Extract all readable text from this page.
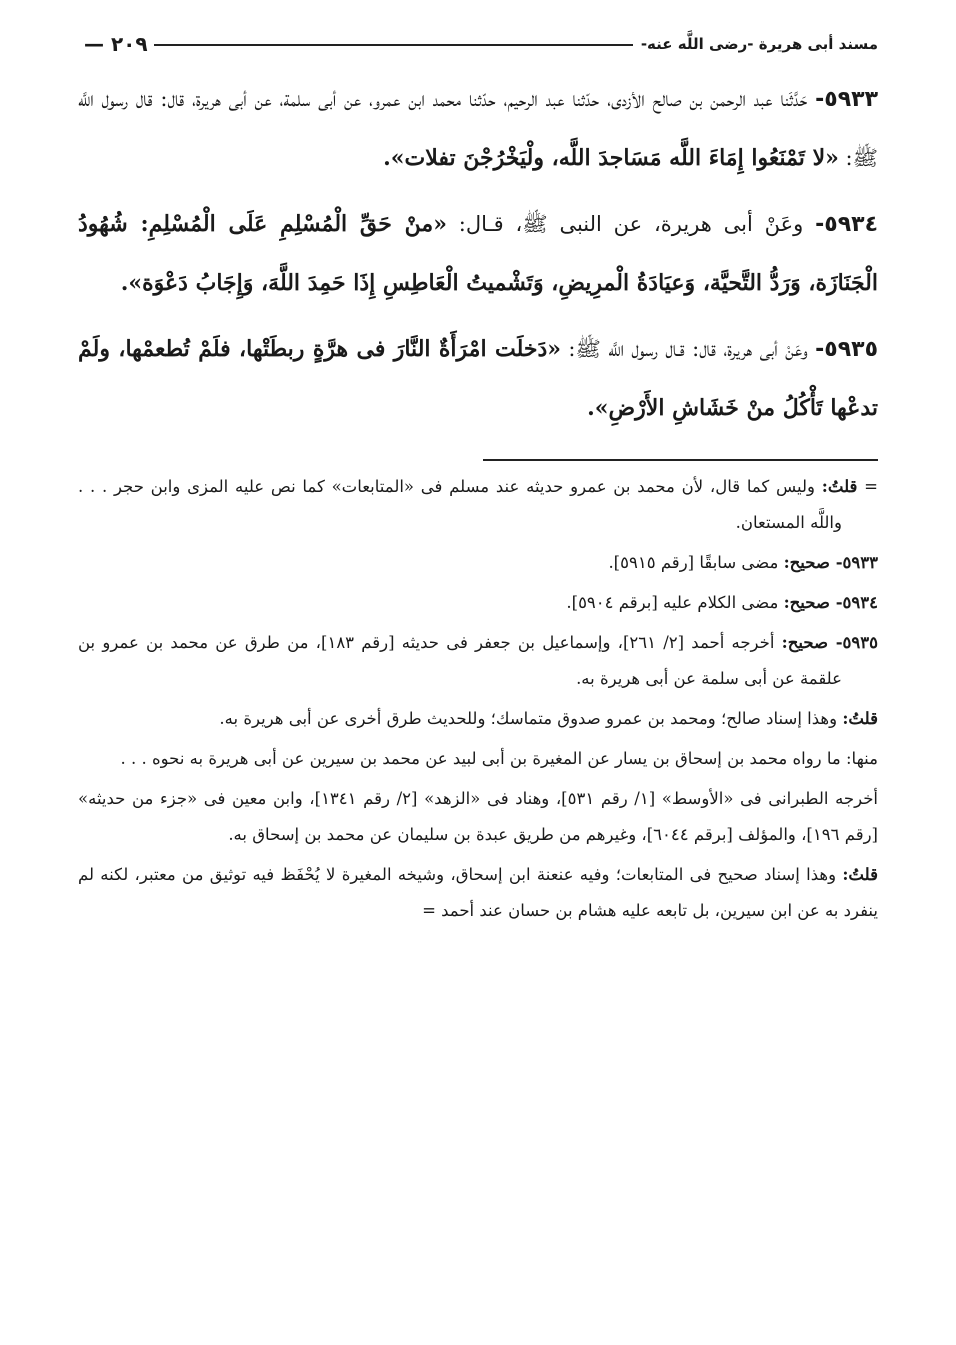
مسند أبى هريرة -رضى اللَّه عنه-
٢٠٩ —
٥٩٣٣- حَدَّثَنا عبد الرحمن بن صالح الأزدى، حدّثنا عبد الرحيم، حدّثنا محمد ابن عمرو، عن أبى سلمة، عن أبى هريرة، قال: قال رسول اللَّه ﷺ: «لا تَمْنَعُوا إِمَاءَ اللَّه مَسَاجدَ اللَّه، ولْيَخْرُجْنَ تفلات».
٥٩٣٤- وعَنْ أبى هريرة، عن النبى ﷺ، قـال: «منْ حَقِّ الْمُسْلِمِ عَلَى الْمُسْلِمِ: شُهُودُ الْجَنَازَة، وَرَدُّ التَّحيَّة، وَعيَادَةُ الْمرِيضِ، وَتَشْميتُ الْعَاطِسِ إِذَا حَمِدَ اللَّهَ، وَإِجَابُ دَعْوَة».
٥٩٣٥- وعَنْ أبى هريرة، قال: قـال رسول اللَّه ﷺ: «دَخلَت امْرَأَةٌ النَّارَ فى هرَّةٍ ربطَتْها، فلَمْ تُطعمْها، ولَمْ تدعْها تَأْكُلُ منْ خَشَاشِ الأَرْضِ».
= قلتُ: وليس كما قال، لأن محمد بن عمرو حديثه عند مسلم فى «المتابعات» كما نص عليه المزى وابن حجر . . . واللَّه المستعان.
٥٩٣٣- صحيح: مضى سابقًا [رقم ٥٩١٥].
٥٩٣٤- صحيح: مضى الكلام عليه [برقم ٥٩٠٤].
٥٩٣٥- صحيح: أخرجه أحمد [٢/ ٢٦١]، وإسماعيل بن جعفر فى حديثه [رقم ١٨٣]، من طرق عن محمد بن عمرو بن علقمة عن أبى سلمة عن أبى هريرة به.
قلتُ: وهذا إسناد صالح؛ ومحمد بن عمرو صدوق متماسك؛ وللحديث طرق أخرى عن أبى هريرة به.
منها: ما رواه محمد بن إسحاق بن يسار عن المغيرة بن أبى لبيد عن محمد بن سيرين عن أبى هريرة به نحوه . . .
أخرجه الطبرانى فى «الأوسط» [١/ رقم ٥٣١]، وهناد فى «الزهد» [٢/ رقم ١٣٤١]، وابن معين فى «جزء من حديثه» [رقم ١٩٦]، والمؤلف [برقم ٦٠٤٤]، وغيرهم من طريق عبدة بن سليمان عن محمد بن إسحاق به.
قلتُ: وهذا إسناد صحيح فى المتابعات؛ وفيه عنعنة ابن إسحاق، وشيخه المغيرة لا يُحْفَظ فيه توثيق من معتبر، لكنه لم ينفرد به عن ابن سيرين، بل تابعه عليه هشام بن حسان عند أحمد =
